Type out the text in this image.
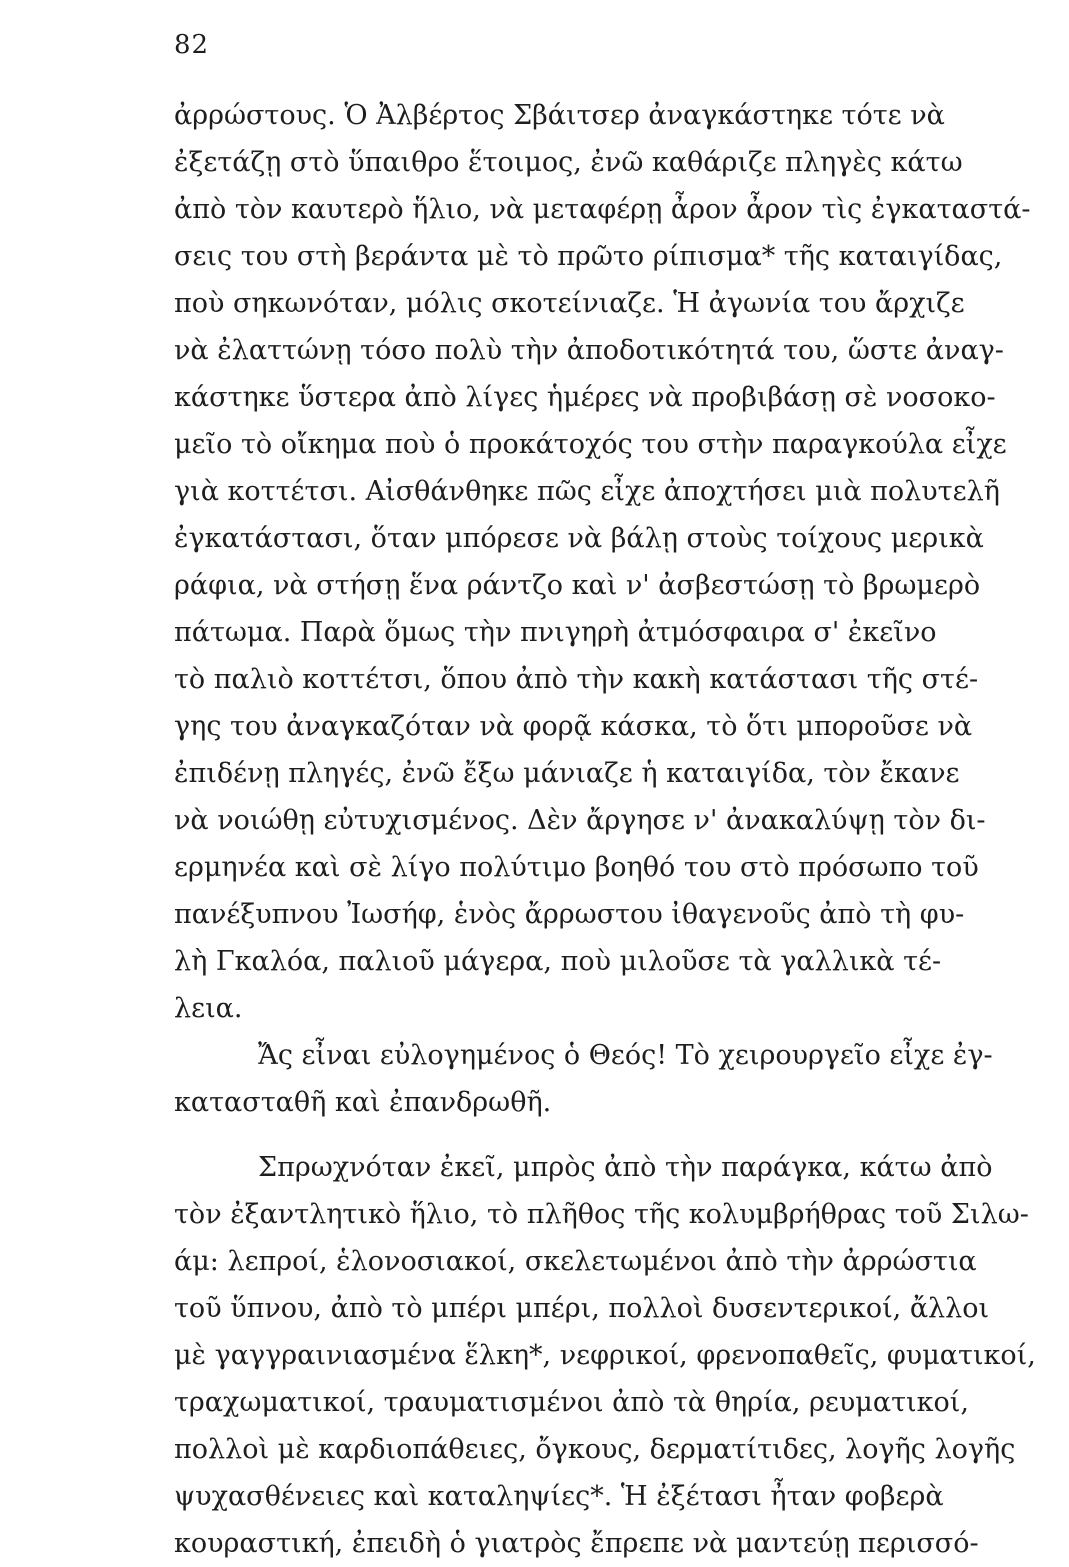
82
ἀρρώστους. Ὁ Ἀλβέρτος Σβάιτσερ ἀναγκάστηκε τότε νὰ
ἐξετάζῃ στὸ ὕπαιθρο ἕτοιμος, ἐνῶ καθάριζε πληγὲς κάτω
ἀπὸ τὸν καυτερὸ ἥλιο, νὰ μεταφέρῃ ἆρον ἆρον τὶς ἐγκαταστά-
σεις του στὴ βεράντα μὲ τὸ πρῶτο ρίπισμα* τῆς καταιγίδας,
ποὺ σηκωνόταν, μόλις σκοτείνιαζε. Ἡ ἀγωνία του ἄρχιζε
νὰ ἐλαττώνῃ τόσο πολὺ τὴν ἀποδοτικότητά του, ὥστε ἀναγ-
κάστηκε ὕστερα ἀπὸ λίγες ἡμέρες νὰ προβιβάσῃ σὲ νοσοκο-
μεῖο τὸ οἴκημα ποὺ ὁ προκάτοχός του στὴν παραγκούλα εἶχε
γιὰ κοττέτσι. Αἰσθάνθηκε πῶς εἶχε ἀποχτήσει μιὰ πολυτελῆ
ἐγκατάστασι, ὅταν μπόρεσε νὰ βάλῃ στοὺς τοίχους μερικὰ
ράφια, νὰ στήσῃ ἕνα ράντζο καὶ ν' ἀσβεστώσῃ τὸ βρωμερὸ
πάτωμα. Παρὰ ὅμως τὴν πνιγηρὴ ἀτμόσφαιρα σ' ἐκεῖνο
τὸ παλιὸ κοττέτσι, ὅπου ἀπὸ τὴν κακὴ κατάστασι τῆς στέ-
γης του ἀναγκαζόταν νὰ φορᾷ κάσκα, τὸ ὅτι μποροῦσε νὰ
ἐπιδένῃ πληγές, ἐνῶ ἔξω μάνιαζε ἡ καταιγίδα, τὸν ἔκανε
νὰ νοιώθῃ εὐτυχισμένος. Δὲν ἄργησε ν' ἀνακαλύψῃ τὸν δι-
ερμηνέα καὶ σὲ λίγο πολύτιμο βοηθό του στὸ πρόσωπο τοῦ
πανέξυπνου Ἰωσήφ, ἑνὸς ἄρρωστου ἰθαγενοῦς ἀπὸ τὴ φυ-
λὴ Γκαλόα, παλιοῦ μάγερα, ποὺ μιλοῦσε τὰ γαλλικὰ τέ-
λεια.
Ἄς εἶναι εὐλογημένος ὁ Θεός! Τὸ χειρουργεῖο εἶχε ἐγ-
κατασταθῆ καὶ ἐπανδρωθῆ.
Σπρωχνόταν ἐκεῖ, μπρὸς ἀπὸ τὴν παράγκα, κάτω ἀπὸ
τὸν ἐξαντλητικὸ ἥλιο, τὸ πλῆθος τῆς κολυμβρήθρας τοῦ Σιλω-
άμ: λεπροί, ἑλονοσιακοί, σκελετωμένοι ἀπὸ τὴν ἀρρώστια
τοῦ ὕπνου, ἀπὸ τὸ μπέρι μπέρι, πολλοὶ δυσεντερικοί, ἄλλοι
μὲ γαγγραινιασμένα ἕλκη*, νεφρικοί, φρενοπαθεῖς, φυματικοί,
τραχωματικοί, τραυματισμένοι ἀπὸ τὰ θηρία, ρευματικοί,
πολλοὶ μὲ καρδιοπάθειες, ὄγκους, δερματίτιδες, λογῆς λογῆς
ψυχασθένειες καὶ καταληψίες*. Ἡ ἐξέτασι ἦταν φοβερὰ
κουραστική, ἐπειδὴ ὁ γιατρὸς ἔπρεπε νὰ μαντεύῃ περισσό-
